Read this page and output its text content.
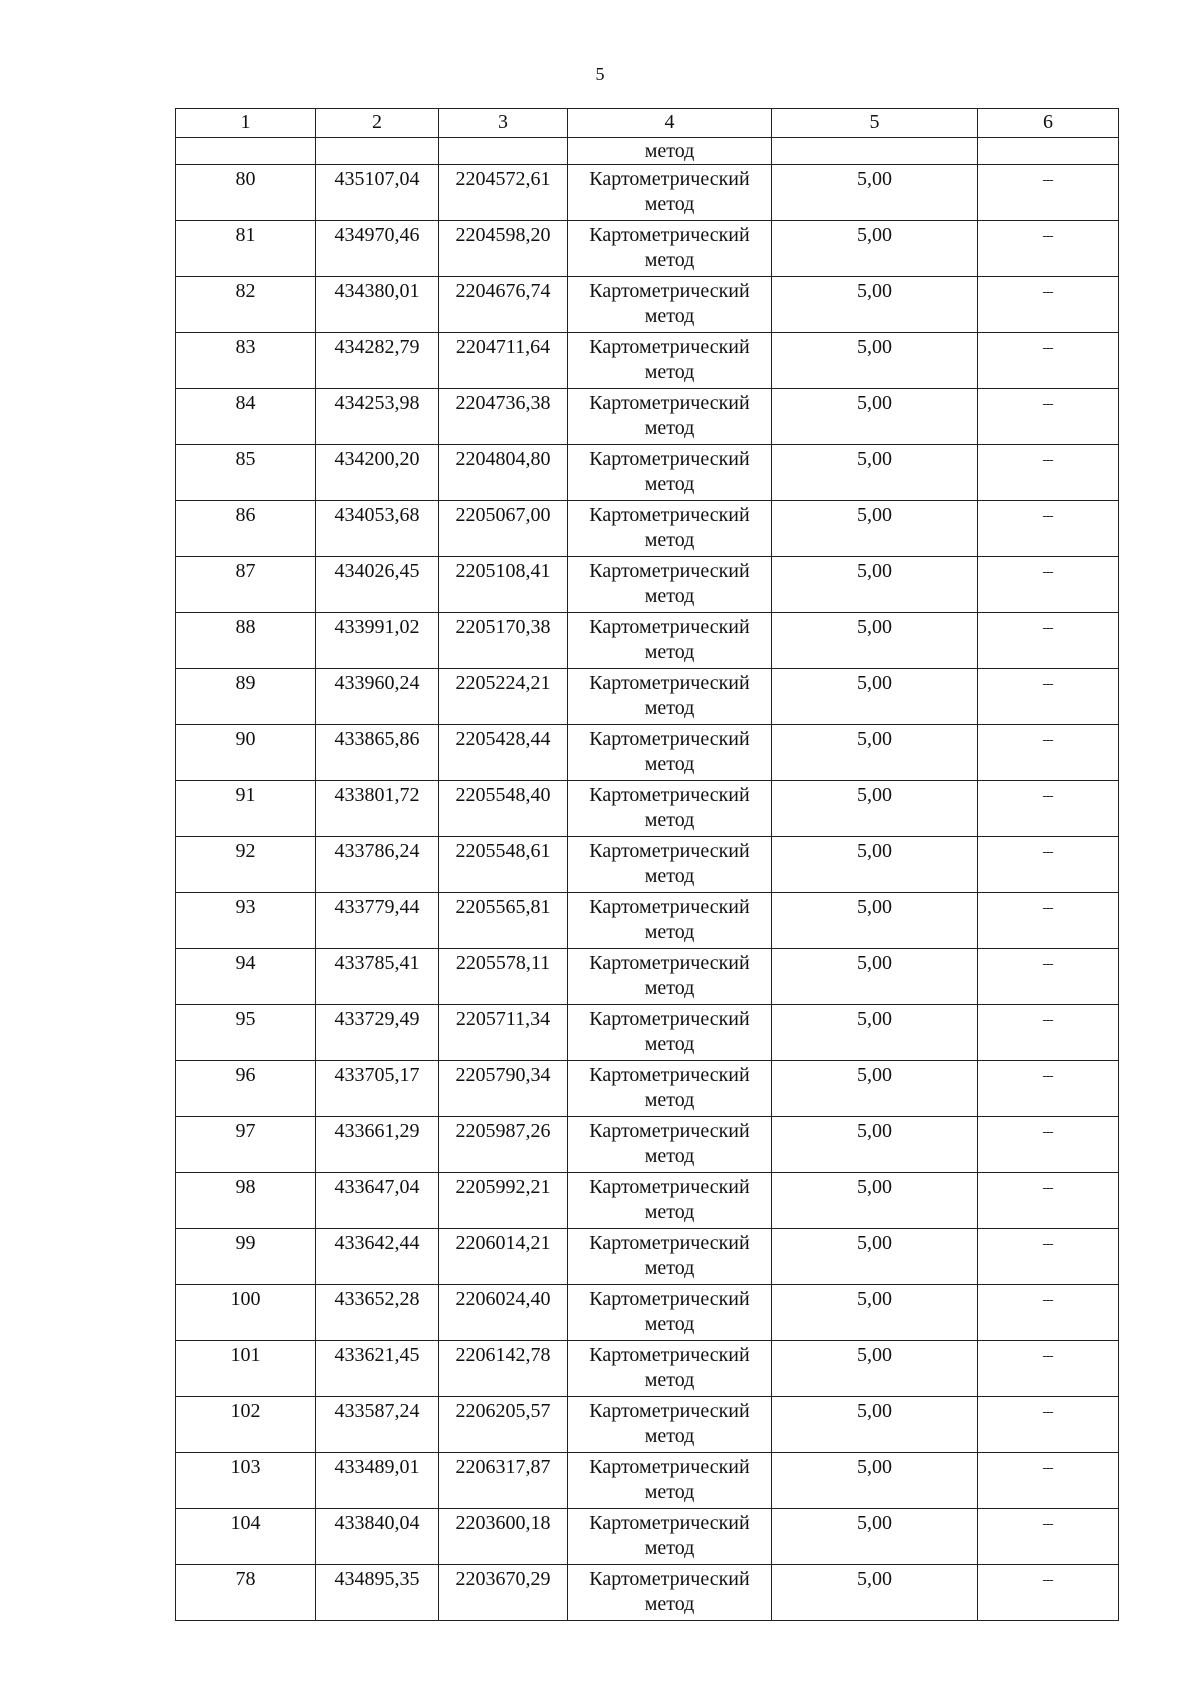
5
1	2	3	4	5	6
			метод		
80	435107,04	2204572,61	Картометрический метод	5,00	–
81	434970,46	2204598,20	Картометрический метод	5,00	–
82	434380,01	2204676,74	Картометрический метод	5,00	–
83	434282,79	2204711,64	Картометрический метод	5,00	–
84	434253,98	2204736,38	Картометрический метод	5,00	–
85	434200,20	2204804,80	Картометрический метод	5,00	–
86	434053,68	2205067,00	Картометрический метод	5,00	–
87	434026,45	2205108,41	Картометрический метод	5,00	–
88	433991,02	2205170,38	Картометрический метод	5,00	–
89	433960,24	2205224,21	Картометрический метод	5,00	–
90	433865,86	2205428,44	Картометрический метод	5,00	–
91	433801,72	2205548,40	Картометрический метод	5,00	–
92	433786,24	2205548,61	Картометрический метод	5,00	–
93	433779,44	2205565,81	Картометрический метод	5,00	–
94	433785,41	2205578,11	Картометрический метод	5,00	–
95	433729,49	2205711,34	Картометрический метод	5,00	–
96	433705,17	2205790,34	Картометрический метод	5,00	–
97	433661,29	2205987,26	Картометрический метод	5,00	–
98	433647,04	2205992,21	Картометрический метод	5,00	–
99	433642,44	2206014,21	Картометрический метод	5,00	–
100	433652,28	2206024,40	Картометрический метод	5,00	–
101	433621,45	2206142,78	Картометрический метод	5,00	–
102	433587,24	2206205,57	Картометрический метод	5,00	–
103	433489,01	2206317,87	Картометрический метод	5,00	–
104	433840,04	2203600,18	Картометрический метод	5,00	–
78	434895,35	2203670,29	Картометрический метод	5,00	–
